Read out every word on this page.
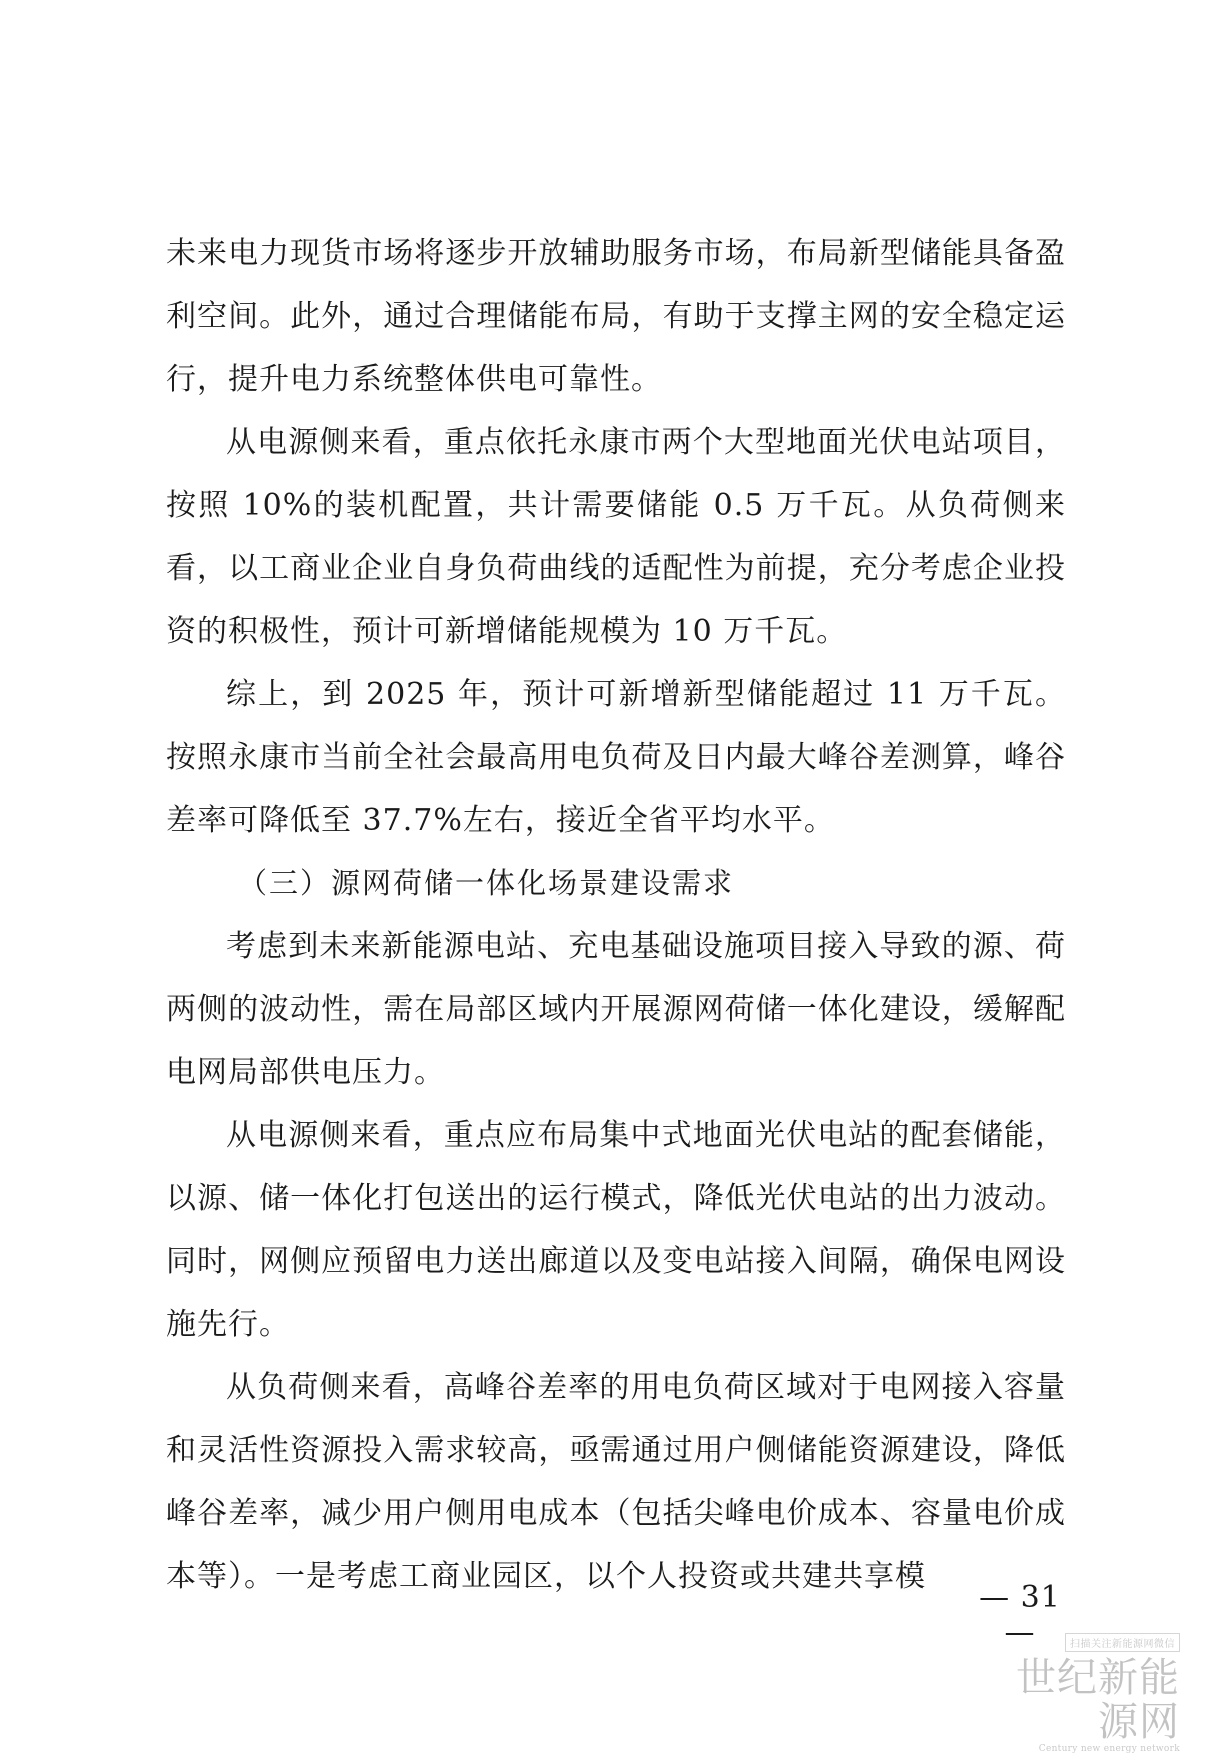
未来电力现货市场将逐步开放辅助服务市场，布局新型储能具备盈利空间。此外，通过合理储能布局，有助于支撑主网的安全稳定运行，提升电力系统整体供电可靠性。

从电源侧来看，重点依托永康市两个大型地面光伏电站项目，按照 10%的装机配置，共计需要储能 0.5 万千瓦。从负荷侧来看，以工商业企业自身负荷曲线的适配性为前提，充分考虑企业投资的积极性，预计可新增储能规模为 10 万千瓦。

综上，到 2025 年，预计可新增新型储能超过 11 万千瓦。按照永康市当前全社会最高用电负荷及日内最大峰谷差测算，峰谷差率可降低至 37.7%左右，接近全省平均水平。

（三）源网荷储一体化场景建设需求

考虑到未来新能源电站、充电基础设施项目接入导致的源、荷两侧的波动性，需在局部区域内开展源网荷储一体化建设，缓解配电网局部供电压力。

从电源侧来看，重点应布局集中式地面光伏电站的配套储能，以源、储一体化打包送出的运行模式，降低光伏电站的出力波动。同时，网侧应预留电力送出廊道以及变电站接入间隔，确保电网设施先行。

从负荷侧来看，高峰谷差率的用电负荷区域对于电网接入容量和灵活性资源投入需求较高，亟需通过用户侧储能资源建设，降低峰谷差率，减少用户侧用电成本（包括尖峰电价成本、容量电价成本等）。一是考虑工商业园区，以个人投资或共建共享模

— 31 —	扫描关注新能源网微信
世纪新能源网
Century new energy network
